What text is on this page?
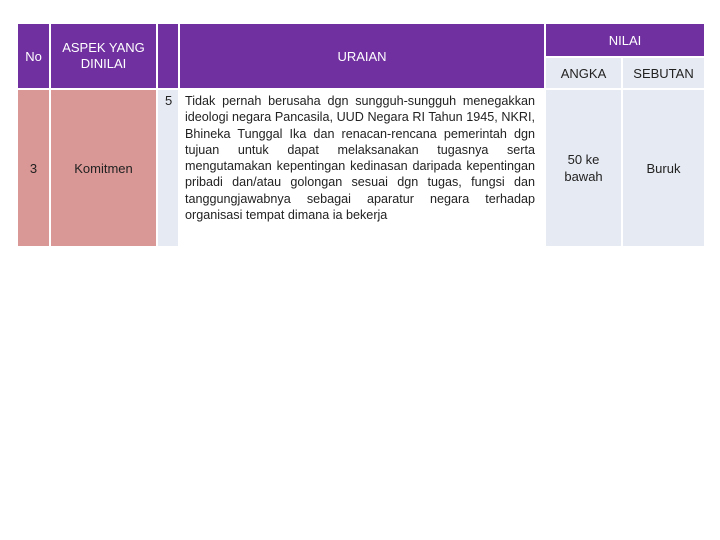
No
ASPEK YANG DINILAI	URAIAN
NILAI
ANGKA SEBUTAN
3	Komitmen
5 Tidak pernah berusaha dgn sungguh-sungguh menegakkan ideologi negara Pancasila, UUD Negara RI Tahun 1945, NKRI, Bhineka Tunggal Ika dan renacan-rencana pemerintah dgn tujuan untuk dapat melaksanakan tugasnya serta mengutamakan kepentingan kedinasan daripada kepentingan pribadi dan/atau golongan sesuai dgn tugas, fungsi dan tanggungjawabnya sebagai aparatur negara terhadap organisasi tempat dimana ia bekerja
50 ke bawah
Buruk
